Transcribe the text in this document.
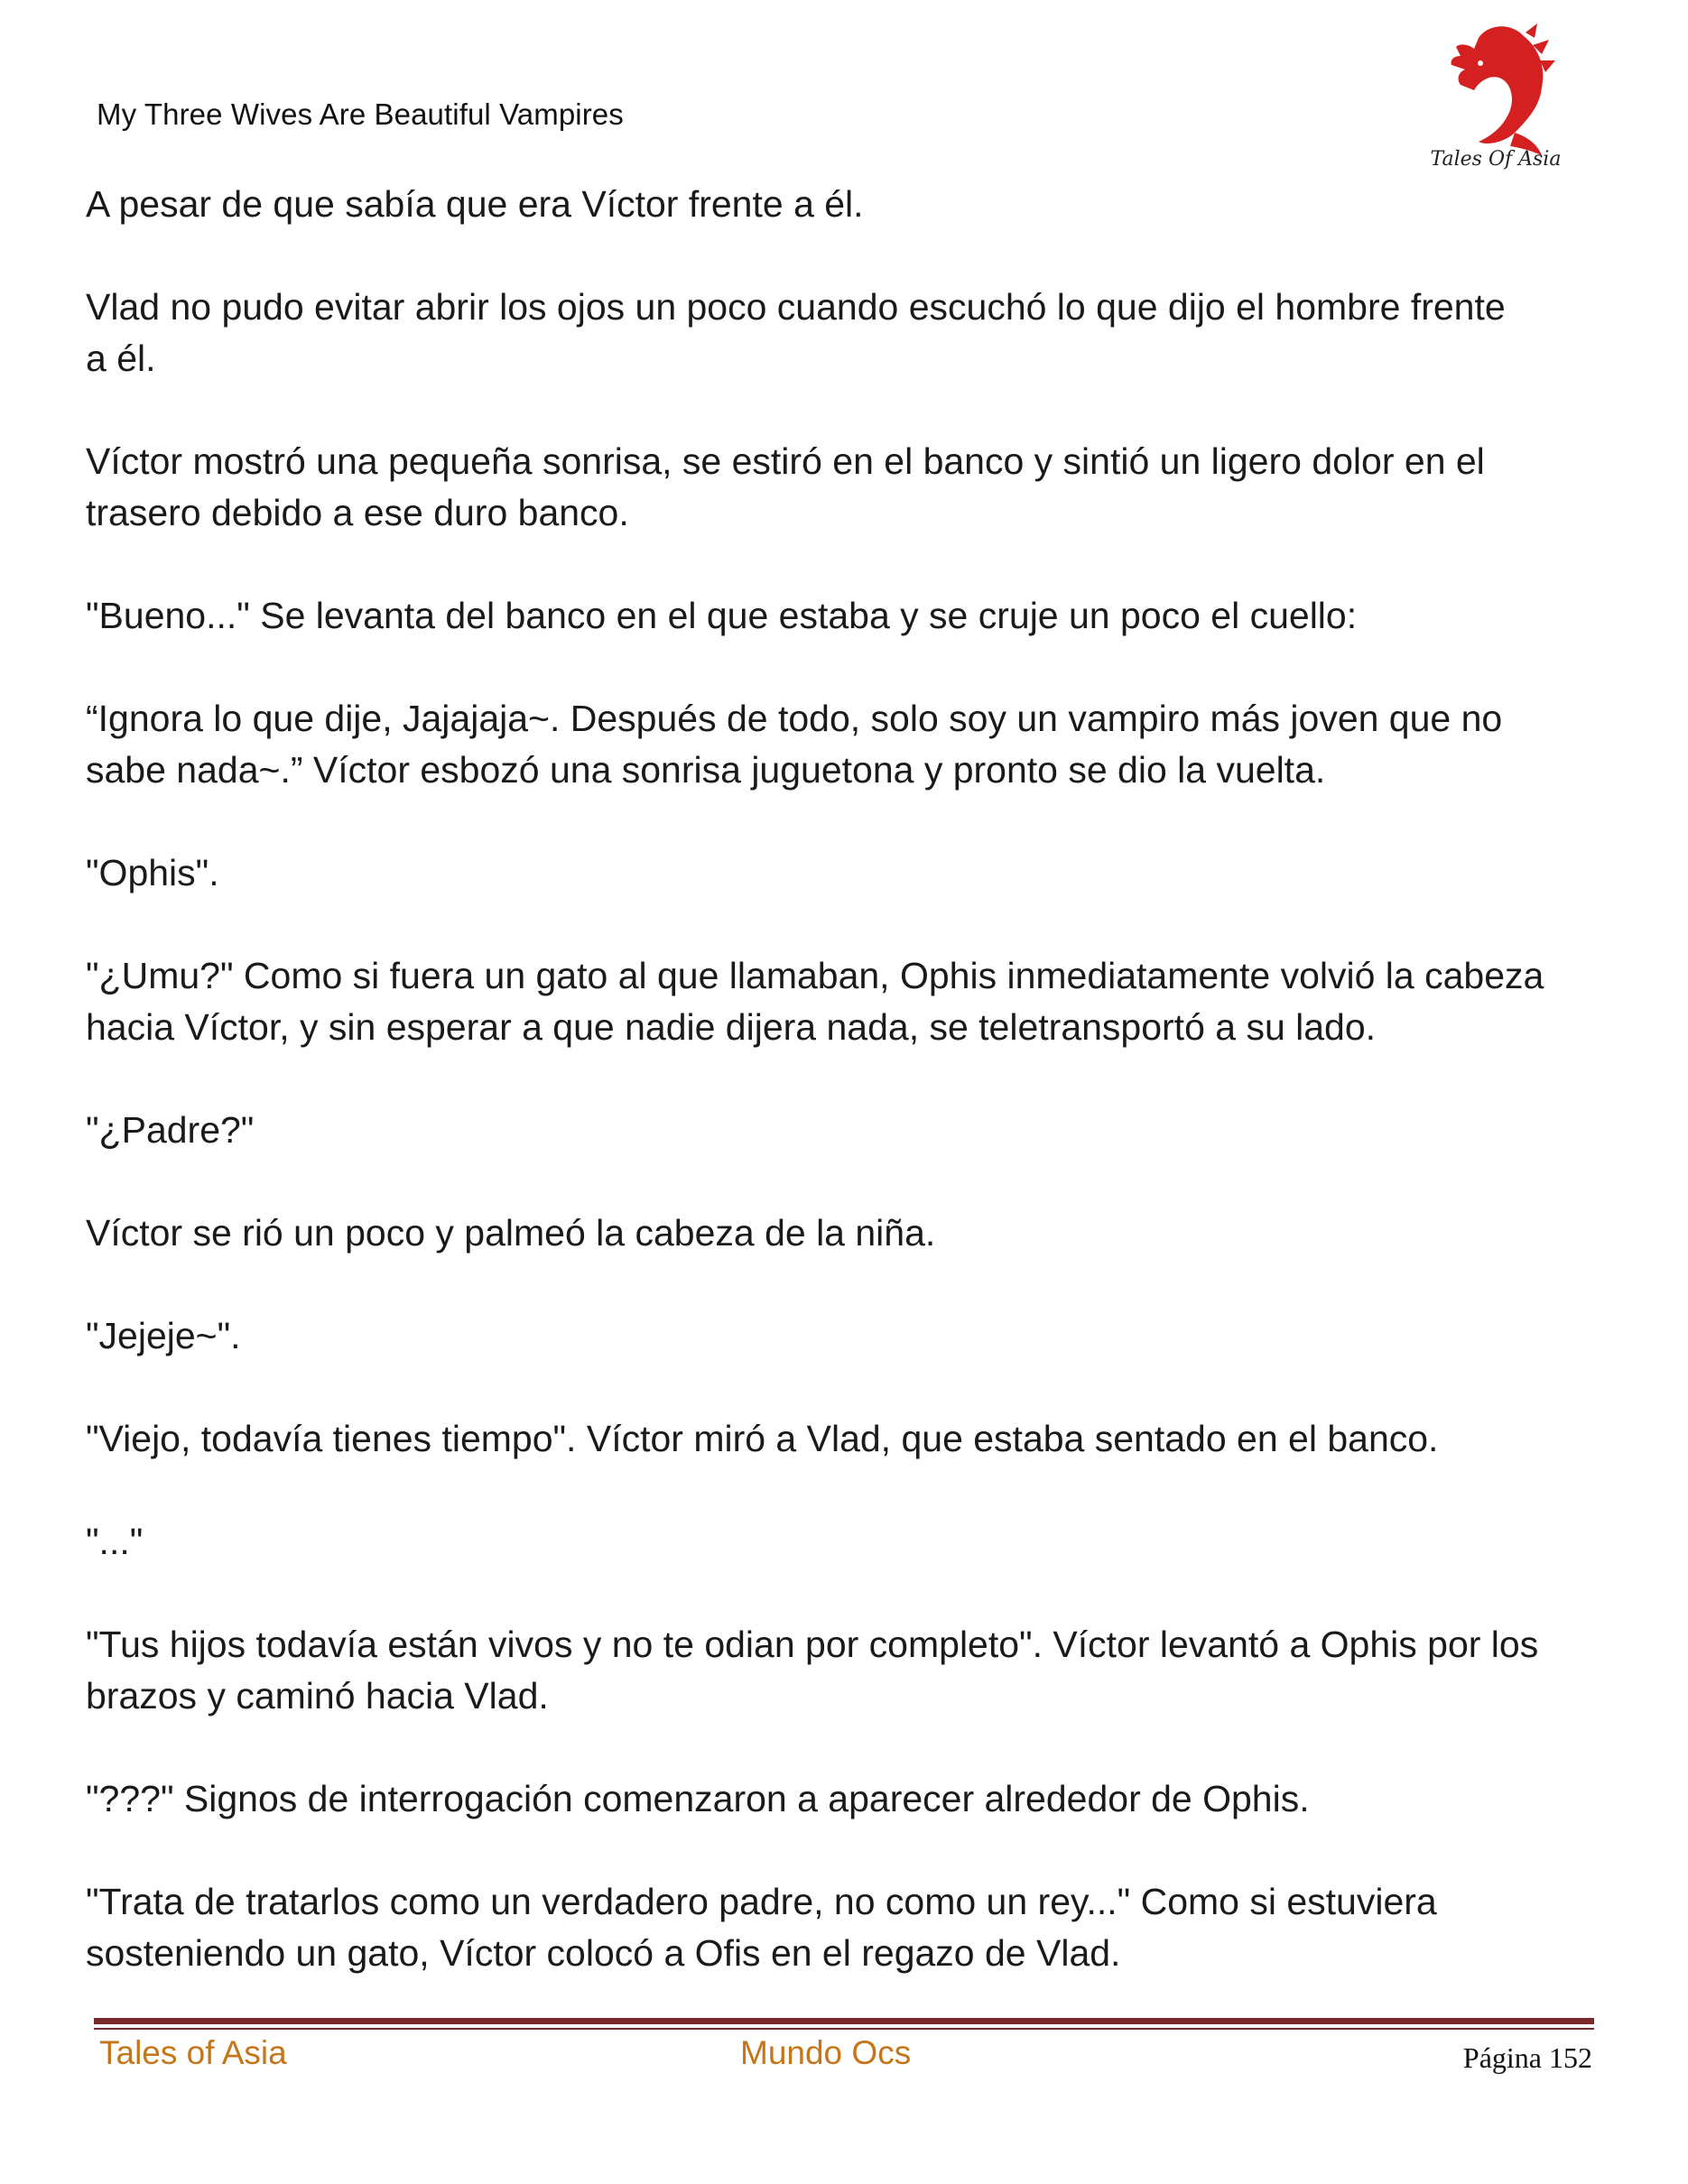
My Three Wives Are Beautiful Vampires
Tales Of Asia

A pesar de que sabía que era Víctor frente a él.

Vlad no pudo evitar abrir los ojos un poco cuando escuchó lo que dijo el hombre frente
a él.

Víctor mostró una pequeña sonrisa, se estiró en el banco y sintió un ligero dolor en el
trasero debido a ese duro banco.

"Bueno..." Se levanta del banco en el que estaba y se cruje un poco el cuello:

“Ignora lo que dije, Jajajaja~. Después de todo, solo soy un vampiro más joven que no
sabe nada~.” Víctor esbozó una sonrisa juguetona y pronto se dio la vuelta.

"Ophis".

"¿Umu?" Como si fuera un gato al que llamaban, Ophis inmediatamente volvió la cabeza
hacia Víctor, y sin esperar a que nadie dijera nada, se teletransportó a su lado.

"¿Padre?"

Víctor se rió un poco y palmeó la cabeza de la niña.

"Jejeje~".

"Viejo, todavía tienes tiempo". Víctor miró a Vlad, que estaba sentado en el banco.

"..."

"Tus hijos todavía están vivos y no te odian por completo". Víctor levantó a Ophis por los
brazos y caminó hacia Vlad.

"???" Signos de interrogación comenzaron a aparecer alrededor de Ophis.

"Trata de tratarlos como un verdadero padre, no como un rey..." Como si estuviera
sosteniendo un gato, Víctor colocó a Ofis en el regazo de Vlad.

Tales of Asia	Mundo Ocs	Página 152
